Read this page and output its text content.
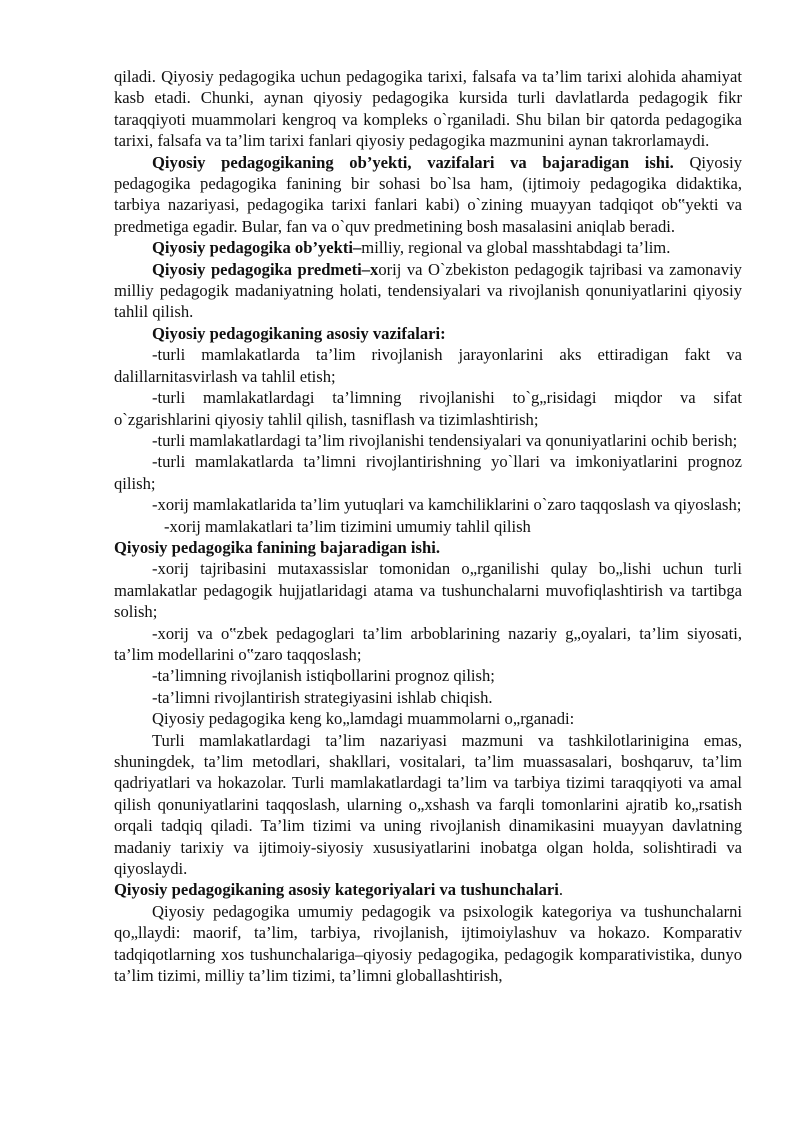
qiladi. Qiyosiy pedagogika uchun pedagogika tarixi, falsafa va ta’lim tarixi alohida ahamiyat kasb etadi. Chunki, aynan qiyosiy pedagogika kursida turli davlatlarda pedagogik fikr taraqqiyoti muammolari kengroq va kompleks o`rganiladi. Shu bilan bir qatorda pedagogika tarixi, falsafa va ta’lim tarixi fanlari qiyosiy pedagogika mazmunini aynan takrorlamaydi.

Qiyosiy pedagogikaning ob’yekti, vazifalari va bajaradigan ishi. Qiyosiy pedagogika pedagogika fanining bir sohasi bo`lsa ham, (ijtimoiy pedagogika didaktika, tarbiya nazariyasi, pedagogika tarixi fanlari kabi) o`zining muayyan tadqiqot ob‟yekti va predmetiga egadir. Bular, fan va o`quv predmetining bosh masalasini aniqlab beradi.

Qiyosiy pedagogika ob’yekti–milliy, regional va global masshtabdagi ta’lim.

Qiyosiy pedagogika predmeti–xorij va O`zbekiston pedagogik tajribasi va zamonaviy milliy pedagogik madaniyatning holati, tendensiyalari va rivojlanish qonuniyatlarini qiyosiy tahlil qilish.

Qiyosiy pedagogikaning asosiy vazifalari:

-turli mamlakatlarda ta’lim rivojlanish jarayonlarini aks ettiradigan fakt va dalillarnitasvirlash va tahlil etish;

-turli mamlakatlardagi ta’limning rivojlanishi to`g„risidagi miqdor va sifat o`zgarishlarini qiyosiy tahlil qilish, tasniflash va tizimlashtirish;

-turli mamlakatlardagi ta’lim rivojlanishi tendensiyalari va qonuniyatlarini ochib berish;

-turli mamlakatlarda ta’limni rivojlantirishning yo`llari va imkoniyatlarini prognoz qilish;

-xorij mamlakatlarida ta’lim yutuqlari va kamchiliklarini o`zaro taqqoslash va qiyoslash;

-xorij mamlakatlari ta’lim tizimini umumiy tahlil qilish

Qiyosiy pedagogika fanining bajaradigan ishi.

-xorij tajribasini mutaxassislar tomonidan o„rganilishi qulay bo„lishi uchun turli mamlakatlar pedagogik hujjatlaridagi atama va tushunchalarni muvofiqlashtirish va tartibga solish;

-xorij va o‟zbek pedagoglari ta’lim arboblarining nazariy g„oyalari, ta’lim siyosati, ta’lim modellarini o‟zaro taqqoslash;

-ta’limning rivojlanish istiqbollarini prognoz qilish;

-ta’limni rivojlantirish strategiyasini ishlab chiqish.

Qiyosiy pedagogika keng ko„lamdagi muammolarni o„rganadi:

Turli mamlakatlardagi ta’lim nazariyasi mazmuni va tashkilotlarinigina emas, shuningdek, ta’lim metodlari, shakllari, vositalari, ta’lim muassasalari, boshqaruv, ta’lim qadriyatlari va hokazolar. Turli mamlakatlardagi ta’lim va tarbiya tizimi taraqqiyoti va amal qilish qonuniyatlarini taqqoslash, ularning o„xshash va farqli tomonlarini ajratib ko„rsatish orqali tadqiq qiladi. Ta’lim tizimi va uning rivojlanish dinamikasini muayyan davlatning madaniy tarixiy va ijtimoiy-siyosiy xususiyatlarini inobatga olgan holda, solishtiradi va qiyoslaydi.

Qiyosiy pedagogikaning asosiy kategoriyalari va tushunchalari.

Qiyosiy pedagogika umumiy pedagogik va psixologik kategoriya va tushunchalarni qo„llaydi: maorif, ta’lim, tarbiya, rivojlanish, ijtimoiylashuv va hokazo. Komparativ tadqiqotlarning xos tushunchalariga–qiyosiy pedagogika, pedagogik komparativistika, dunyo ta’lim tizimi, milliy ta’lim tizimi, ta’limni globallashtirish,
